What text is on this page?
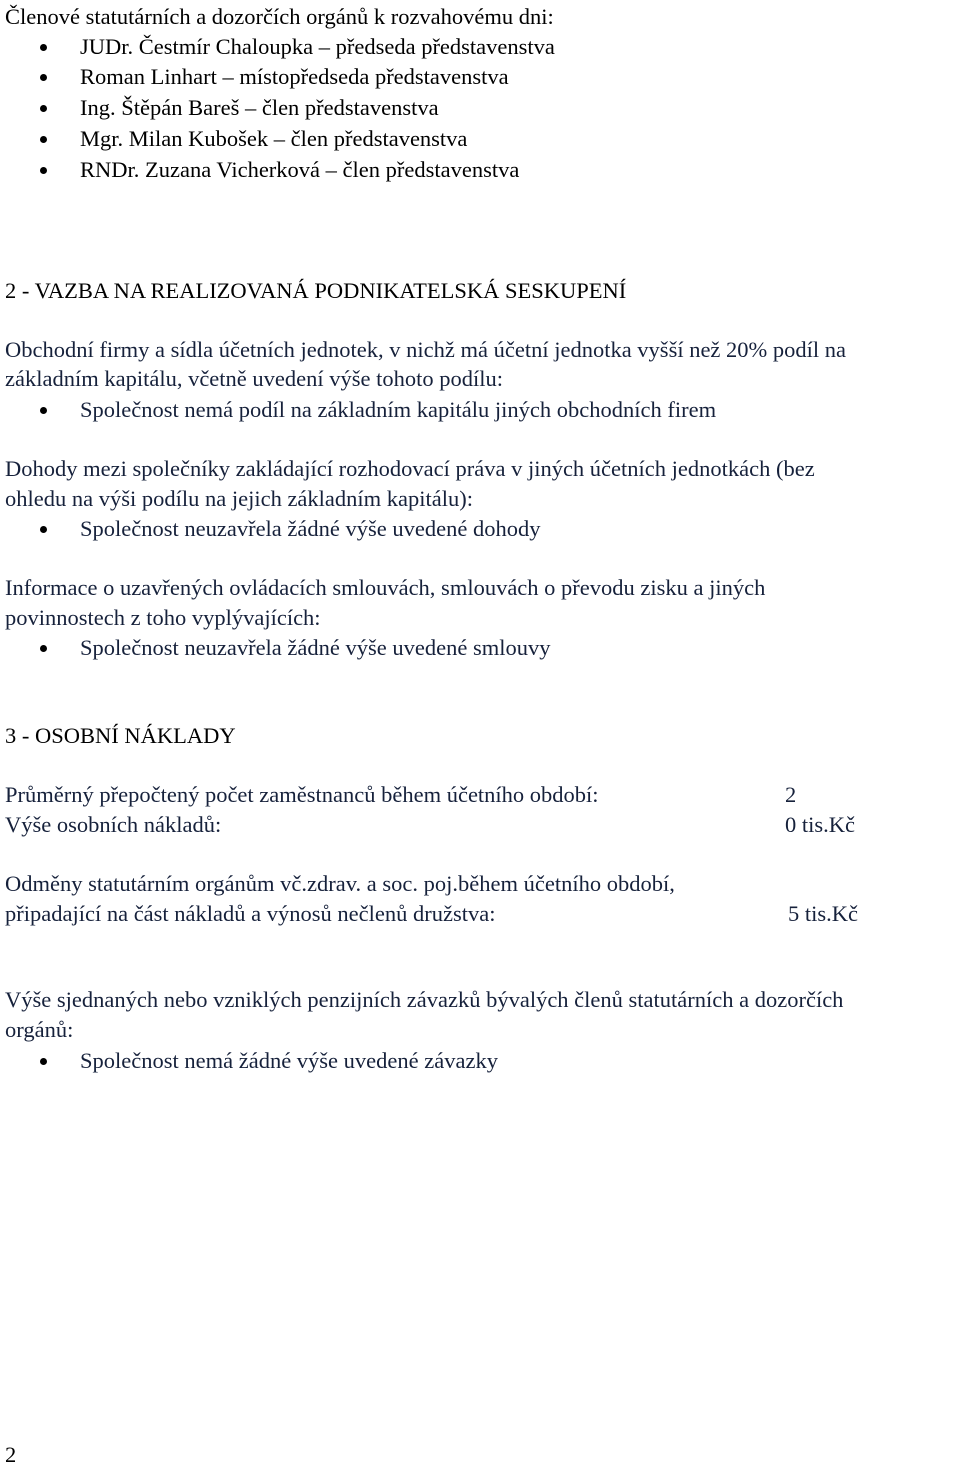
Členové statutárních a dozorčích orgánů k rozvahovému dni:
JUDr. Čestmír Chaloupka – předseda představenstva
Roman Linhart – místopředseda představenstva
Ing. Štěpán Bareš – člen představenstva
Mgr. Milan Kubošek – člen představenstva
RNDr. Zuzana Vicherková – člen představenstva
2 - VAZBA NA REALIZOVANÁ PODNIKATELSKÁ SESKUPENÍ
Obchodní firmy a sídla účetních jednotek, v nichž má účetní jednotka vyšší než 20% podíl na
základním kapitálu, včetně uvedení výše tohoto podílu:
Společnost nemá podíl na základním kapitálu jiných obchodních firem
Dohody mezi společníky zakládající rozhodovací práva v jiných účetních jednotkách (bez
ohledu na výši podílu na jejich základním kapitálu):
Společnost neuzavřela žádné výše uvedené dohody
Informace o uzavřených ovládacích smlouvách, smlouvách o převodu zisku a jiných
povinnostech z toho vyplývajících:
Společnost neuzavřela žádné výše uvedené smlouvy
3 - OSOBNÍ NÁKLADY
Průměrný přepočtený počet zaměstnanců během účetního období:	2
Výše osobních nákladů:	0 tis.Kč
Odměny statutárním orgánům vč.zdrav. a soc. poj.během účetního období,
připadající na část nákladů a výnosů nečlenů družstva:	5 tis.Kč
Výše sjednaných nebo vzniklých penzijních závazků bývalých členů statutárních a dozorčích
orgánů:
Společnost nemá žádné výše uvedené závazky
2
